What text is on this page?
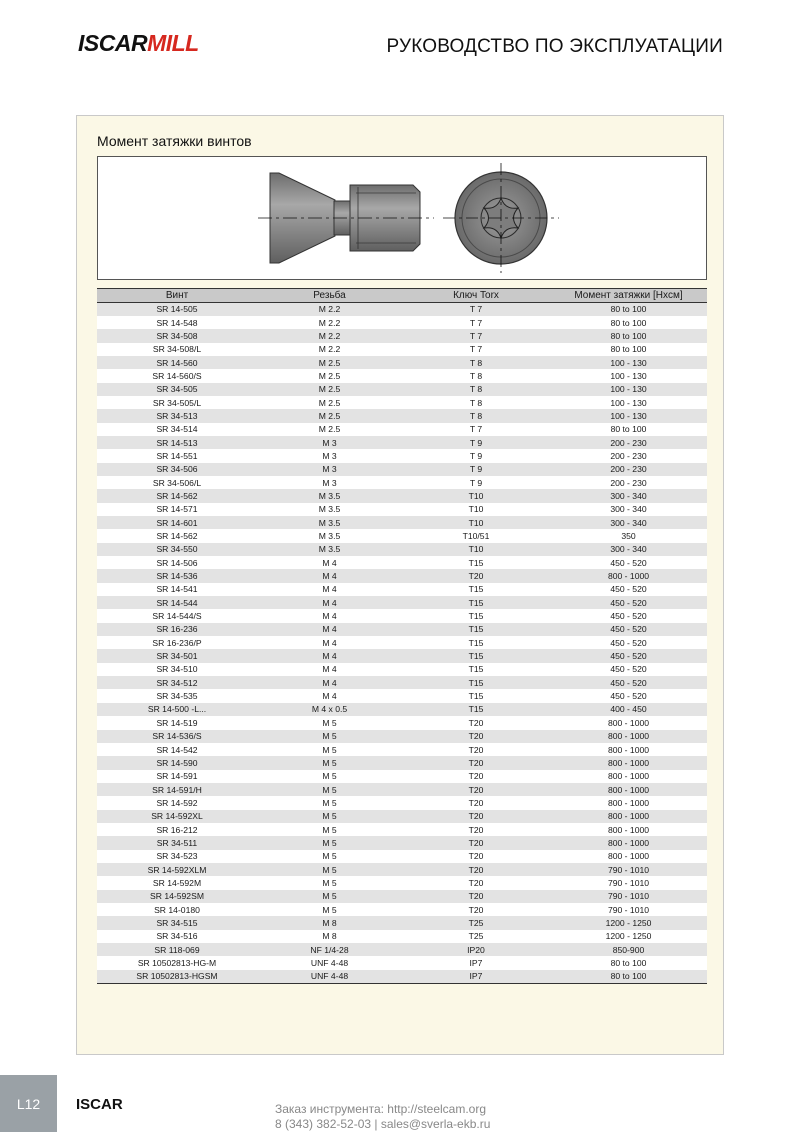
ISCARMILL	РУКОВОДСТВО ПО ЭКСПЛУАТАЦИИ
Момент затяжки винтов
Винт	Резьба	Ключ Torx	Момент затяжки [Нxсм]
SR 14-505	M 2.2	T 7	80 to 100
SR 14-548	M 2.2	T 7	80 to 100
SR 34-508	M 2.2	T 7	80 to 100
SR 34-508/L	M 2.2	T 7	80 to 100
SR 14-560	M 2.5	T 8	100 - 130
SR 14-560/S	M 2.5	T 8	100 - 130
SR 34-505	M 2.5	T 8	100 - 130
SR 34-505/L	M 2.5	T 8	100 - 130
SR 34-513	M 2.5	T 8	100 - 130
SR 34-514	M 2.5	T 7	80 to 100
SR 14-513	M 3	T 9	200 - 230
SR 14-551	M 3	T 9	200 - 230
SR 34-506	M 3	T 9	200 - 230
SR 34-506/L	M 3	T 9	200 - 230
SR 14-562	M 3.5	T10	300 - 340
SR 14-571	M 3.5	T10	300 - 340
SR 14-601	M 3.5	T10	300 - 340
SR 14-562	M 3.5	T10/51	350
SR 34-550	M 3.5	T10	300 - 340
SR 14-506	M 4	T15	450 - 520
SR 14-536	M 4	T20	800 - 1000
SR 14-541	M 4	T15	450 - 520
SR 14-544	M 4	T15	450 - 520
SR 14-544/S	M 4	T15	450 - 520
SR 16-236	M 4	T15	450 - 520
SR 16-236/P	M 4	T15	450 - 520
SR 34-501	M 4	T15	450 - 520
SR 34-510	M 4	T15	450 - 520
SR 34-512	M 4	T15	450 - 520
SR 34-535	M 4	T15	450 - 520
SR 14-500 -L...	M 4 x 0.5	T15	400 - 450
SR 14-519	M 5	T20	800 - 1000
SR 14-536/S	M 5	T20	800 - 1000
SR 14-542	M 5	T20	800 - 1000
SR 14-590	M 5	T20	800 - 1000
SR 14-591	M 5	T20	800 - 1000
SR 14-591/H	M 5	T20	800 - 1000
SR 14-592	M 5	T20	800 - 1000
SR 14-592XL	M 5	T20	800 - 1000
SR 16-212	M 5	T20	800 - 1000
SR 34-511	M 5	T20	800 - 1000
SR 34-523	M 5	T20	800 - 1000
SR 14-592XLM	M 5	T20	790 - 1010
SR 14-592M	M 5	T20	790 - 1010
SR 14-592SM	M 5	T20	790 - 1010
SR 14-0180	M 5	T20	790 - 1010
SR 34-515	M 8	T25	1200 - 1250
SR 34-516	M 8	T25	1200 - 1250
SR 118-069	NF 1/4-28	IP20	850-900
SR 10502813-HG-M	UNF 4-48	IP7	80 to 100
SR 10502813-HGSM	UNF 4-48	IP7	80 to 100
L12	ISCAR	Заказ инструмента: http://steelcam.org
8 (343) 382-52-03 | sales@sverla-ekb.ru
